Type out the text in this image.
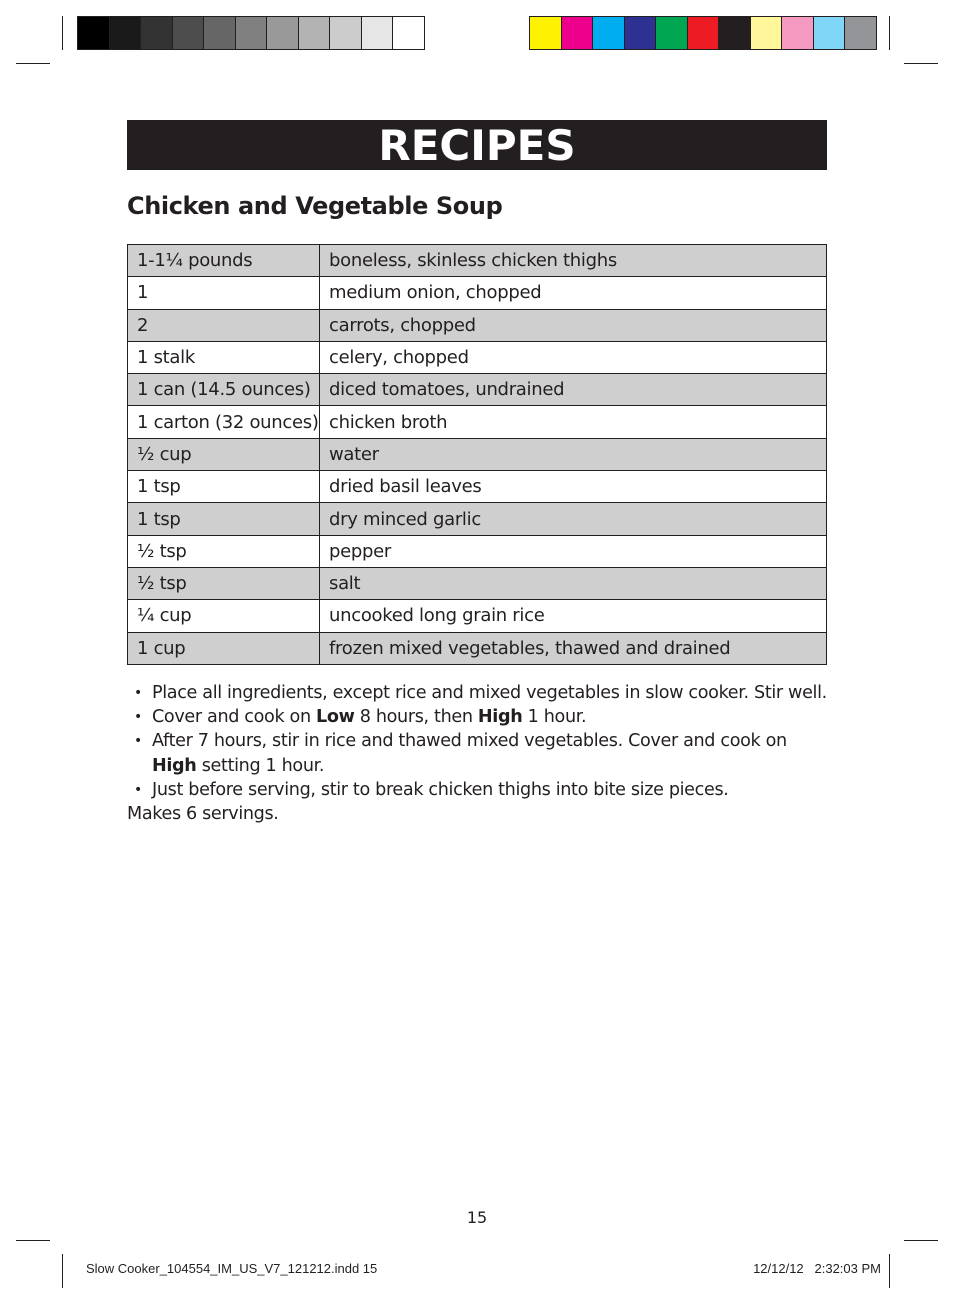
RECIPES
Chicken and Vegetable Soup
1-1¼ pounds	boneless, skinless chicken thighs
1	medium onion, chopped
2	carrots, chopped
1 stalk	celery, chopped
1 can (14.5 ounces)	diced tomatoes, undrained
1 carton (32 ounces)	chicken broth
½ cup	water
1 tsp	dried basil leaves
1 tsp	dry minced garlic
½ tsp	pepper
½ tsp	salt
¼ cup	uncooked long grain rice
1 cup	frozen mixed vegetables, thawed and drained
• Place all ingredients, except rice and mixed vegetables in slow cooker. Stir well.
• Cover and cook on Low 8 hours, then High 1 hour.
• After 7 hours, stir in rice and thawed mixed vegetables. Cover and cook on High setting 1 hour.
• Just before serving, stir to break chicken thighs into bite size pieces.

Makes 6 servings.

15
Slow Cooker_104554_IM_US_V7_121212.indd 15	12/12/12   2:32:03 PM
